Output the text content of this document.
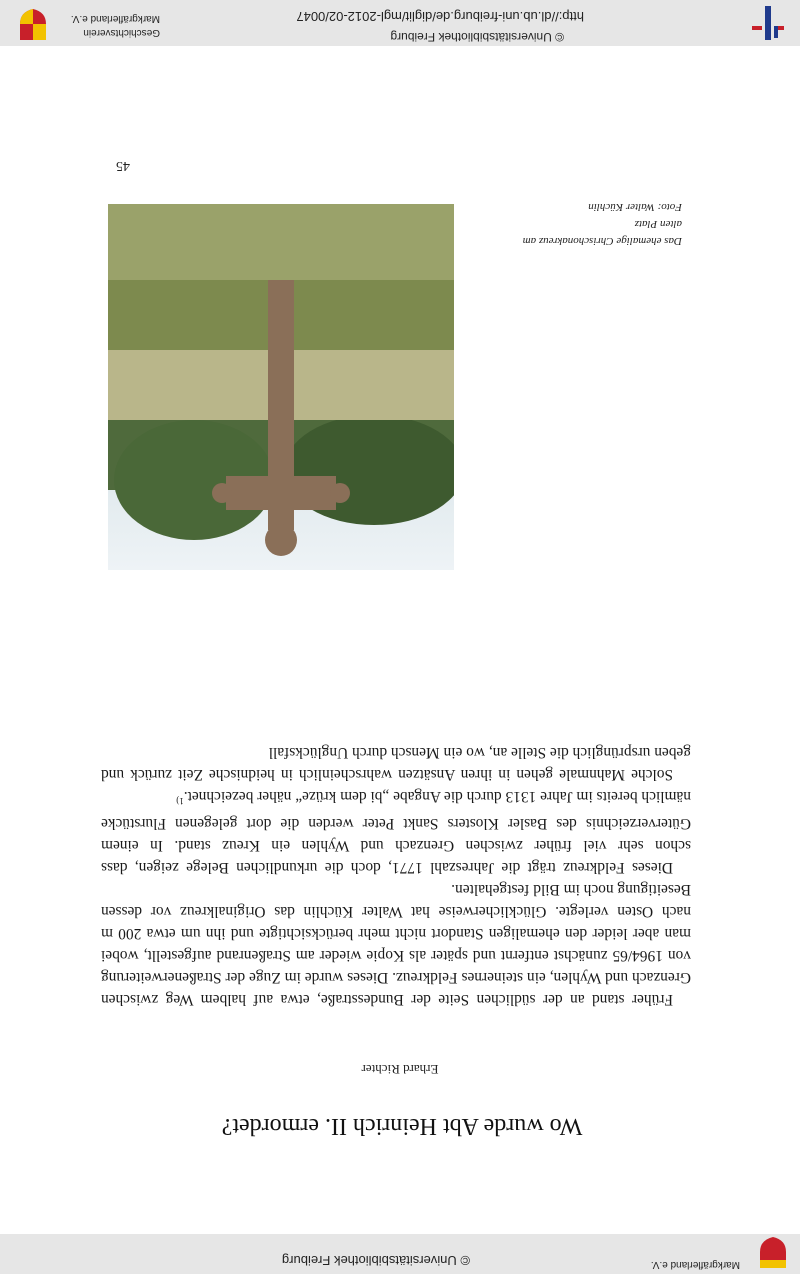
© Universitätsbibliothek Freiburg	Markgräflerland e.V.
Wo wurde Abt Heinrich II. ermordet?
Erhard Richter

Früher stand an der südlichen Seite der Bundesstraße, etwa auf halbem Weg zwischen Grenzach und Wyhlen, ein steinernes Feldkreuz. Dieses wurde im Zuge der Straßenerweiterung von 1964/65 zunächst entfernt und später als Kopie wieder am Straßenrand aufgestellt, wobei man aber leider den ehemaligen Standort nicht mehr berücksichtigte und ihn um etwa 200 m nach Osten verlegte. Glücklicherweise hat Walter Küchlin das Originalkreuz vor dessen Beseitigung noch im Bild festgehalten.

Dieses Feldkreuz trägt die Jahreszahl 1771, doch die urkundlichen Belege zeigen, dass schon sehr viel früher zwischen Grenzach und Wyhlen ein Kreuz stand. In einem Güterverzeichnis des Basler Klosters Sankt Peter werden die dort gelegenen Flurstücke nämlich bereits im Jahre 1313 durch die Angabe „bi dem krüze“ näher bezeichnet.$^{1)}$

Solche Mahnmale gehen in ihren Ansätzen wahrscheinlich in heidnische Zeit zurück und geben ursprünglich die Stelle an, wo ein Mensch durch Unglücksfall

Das ehemalige Chrischonakreuz am
alten Platz
Foto: Walter Küchlin
45
© Universitätsbibliothek Freiburg
http://dl.ub.uni-freiburg.de/diglit/mgl-2012-02/0047
Geschichtsverein
Markgräflerland e.V.
